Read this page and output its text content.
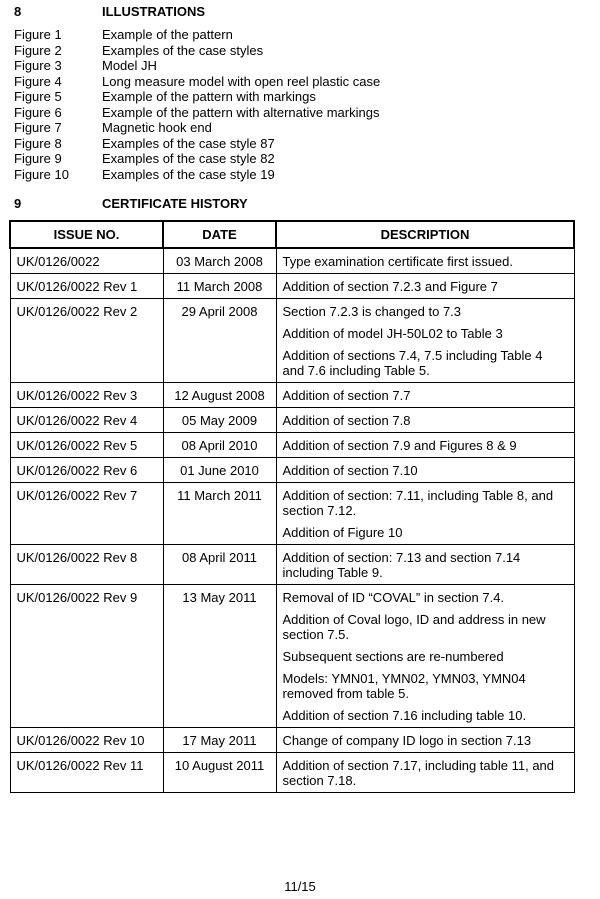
8	ILLUSTRATIONS
Figure 1	Example of the pattern
Figure 2	Examples of the case styles
Figure 3	Model JH
Figure 4	Long measure model with open reel plastic case
Figure 5	Example of the pattern with markings
Figure 6	Example of the pattern with alternative markings
Figure 7	Magnetic hook end
Figure 8	Examples of the case style 87
Figure 9	Examples of the case style 82
Figure 10	Examples of the case style 19
9	CERTIFICATE HISTORY
ISSUE NO.	DATE	DESCRIPTION
UK/0126/0022	03 March 2008	Type examination certificate first issued.

UK/0126/0022 Rev 1	11 March 2008	Addition of section 7.2.3 and Figure 7

UK/0126/0022 Rev 2	29 April 2008	Section 7.2.3 is changed to 7.3
Addition of model JH-50L02 to Table 3
Addition of sections 7.4, 7.5 including Table 4 and 7.6 including Table 5.

UK/0126/0022 Rev 3	12 August 2008	Addition of section 7.7

UK/0126/0022 Rev 4	05 May 2009	Addition of section 7.8

UK/0126/0022 Rev 5	08 April 2010	Addition of section 7.9 and Figures 8 & 9

UK/0126/0022 Rev 6	01 June 2010	Addition of section 7.10

UK/0126/0022 Rev 7	11 March 2011	Addition of section: 7.11, including Table 8, and section 7.12.
Addition of Figure 10

UK/0126/0022 Rev 8	08 April 2011	Addition of section: 7.13 and section 7.14 including Table 9.

UK/0126/0022 Rev 9	13 May 2011	Removal of ID “COVAL” in section 7.4.
Addition of Coval logo, ID and address in new section 7.5.
Subsequent sections are re-numbered
Models: YMN01, YMN02, YMN03, YMN04 removed from table 5.
Addition of section 7.16 including table 10.

UK/0126/0022 Rev 10	17 May 2011	Change of company ID logo in section 7.13

UK/0126/0022 Rev 11	10 August 2011	Addition of section 7.17, including table 11, and section 7.18.
11/15
